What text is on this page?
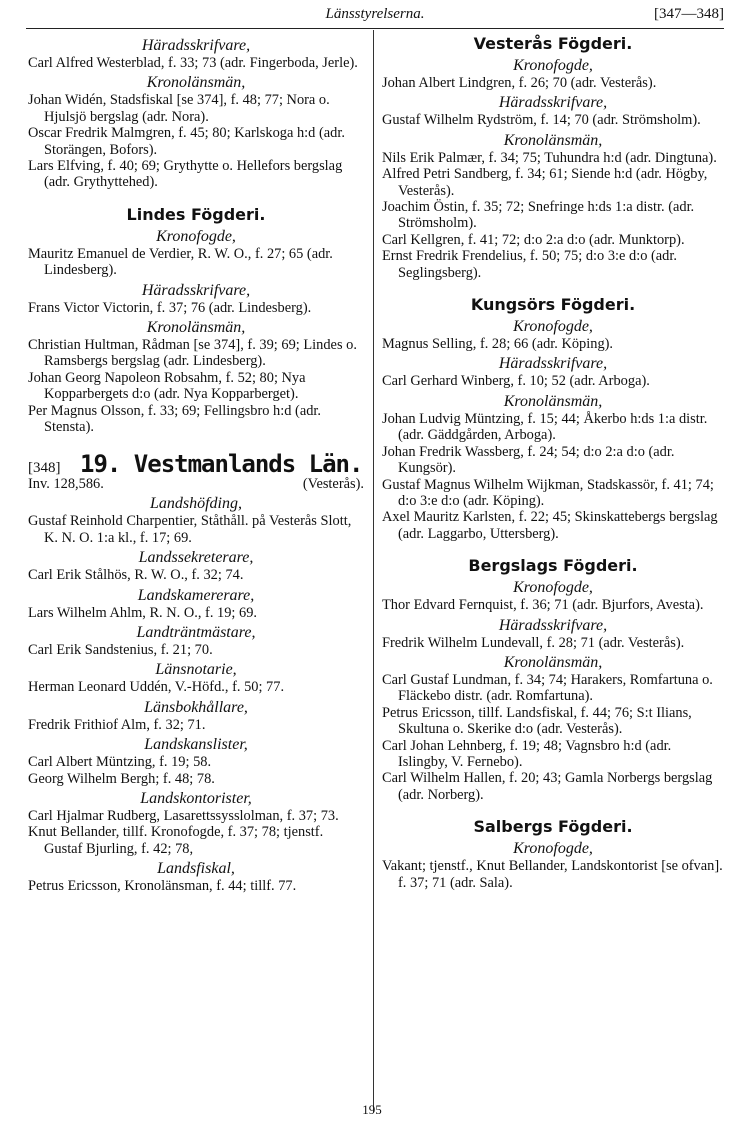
Länsstyrelserna.	[347—348]
Häradsskrifvare,
Carl Alfred Westerblad, f. 33; 73 (adr. Fingerboda, Jerle).
Kronolänsmän,
Johan Widén, Stadsfiskal [se 374], f. 48; 77; Nora o. Hjulsjö bergslag (adr. Nora).
Oscar Fredrik Malmgren, f. 45; 80; Karlskoga h:d (adr. Storängen, Bofors).
Lars Elfving, f. 40; 69; Grythytte o. Hellefors bergslag (adr. Grythyttehed).
Lindes Fögderi.
Kronofogde,
Mauritz Emanuel de Verdier, R. W. O., f. 27; 65 (adr. Lindesberg).
Häradsskrifvare,
Frans Victor Victorin, f. 37; 76 (adr. Lindesberg).
Kronolänsmän,
Christian Hultman, Rådman [se 374], f. 39; 69; Lindes o. Ramsbergs bergslag (adr. Lindesberg).
Johan Georg Napoleon Robsahm, f. 52; 80; Nya Kopparbergets d:o (adr. Nya Kopparberget).
Per Magnus Olsson, f. 33; 69; Fellingsbro h:d (adr. Stensta).
[348] 19. Vestmanlands Län.
Inv. 128,586.	(Vesterås).
Landshöfding,
Gustaf Reinhold Charpentier, Ståthåll. på Vesterås Slott, K. N. O. 1:a kl., f. 17; 69.
Landssekreterare,
Carl Erik Stålhös, R. W. O., f. 32; 74.
Landskamererare,
Lars Wilhelm Ahlm, R. N. O., f. 19; 69.
Landträntmästare,
Carl Erik Sandstenius, f. 21; 70.
Länsnotarie,
Herman Leonard Uddén, V.-Höfd., f. 50; 77.
Länsbokhållare,
Fredrik Frithiof Alm, f. 32; 71.
Landskanslister,
Carl Albert Müntzing, f. 19; 58.
Georg Wilhelm Bergh; f. 48; 78.
Landskontorister,
Carl Hjalmar Rudberg, Lasarettssysslolman, f. 37; 73.
Knut Bellander, tillf. Kronofogde, f. 37; 78; tjenstf. Gustaf Bjurling, f. 42; 78,
Landsfiskal,
Petrus Ericsson, Kronolänsman, f. 44; tillf. 77.
Vesterås Fögderi.
Kronofogde,
Johan Albert Lindgren, f. 26; 70 (adr. Vesterås).
Häradsskrifvare,
Gustaf Wilhelm Rydström, f. 14; 70 (adr. Strömsholm).
Kronolänsmän,
Nils Erik Palmær, f. 34; 75; Tuhundra h:d (adr. Dingtuna).
Alfred Petri Sandberg, f. 34; 61; Siende h:d (adr. Högby, Vesterås).
Joachim Östin, f. 35; 72; Snefringe h:ds 1:a distr. (adr. Strömsholm).
Carl Kellgren, f. 41; 72; d:o 2:a d:o (adr. Munktorp).
Ernst Fredrik Frendelius, f. 50; 75; d:o 3:e d:o (adr. Seglingsberg).
Kungsörs Fögderi.
Kronofogde,
Magnus Selling, f. 28; 66 (adr. Köping).
Häradsskrifvare,
Carl Gerhard Winberg, f. 10; 52 (adr. Arboga).
Kronolänsmän,
Johan Ludvig Müntzing, f. 15; 44; Åkerbo h:ds 1:a distr. (adr. Gäddgården, Arboga).
Johan Fredrik Wassberg, f. 24; 54; d:o 2:a d:o (adr. Kungsör).
Gustaf Magnus Wilhelm Wijkman, Stadskassör, f. 41; 74; d:o 3:e d:o (adr. Köping).
Axel Mauritz Karlsten, f. 22; 45; Skinskattebergs bergslag (adr. Laggarbo, Uttersberg).
Bergslags Fögderi.
Kronofogde,
Thor Edvard Fernquist, f. 36; 71 (adr. Bjurfors, Avesta).
Häradsskrifvare,
Fredrik Wilhelm Lundevall, f. 28; 71 (adr. Vesterås).
Kronolänsmän,
Carl Gustaf Lundman, f. 34; 74; Harakers, Romfartuna o. Fläckebo distr. (adr. Romfartuna).
Petrus Ericsson, tillf. Landsfiskal, f. 44; 76; S:t Ilians, Skultuna o. Skerike d:o (adr. Vesterås).
Carl Johan Lehnberg, f. 19; 48; Vagnsbro h:d (adr. Islingby, V. Fernebo).
Carl Wilhelm Hallen, f. 20; 43; Gamla Norbergs bergslag (adr. Norberg).
Salbergs Fögderi.
Kronofogde,
Vakant; tjenstf., Knut Bellander, Landskontorist [se ofvan]. f. 37; 71 (adr. Sala).
195
